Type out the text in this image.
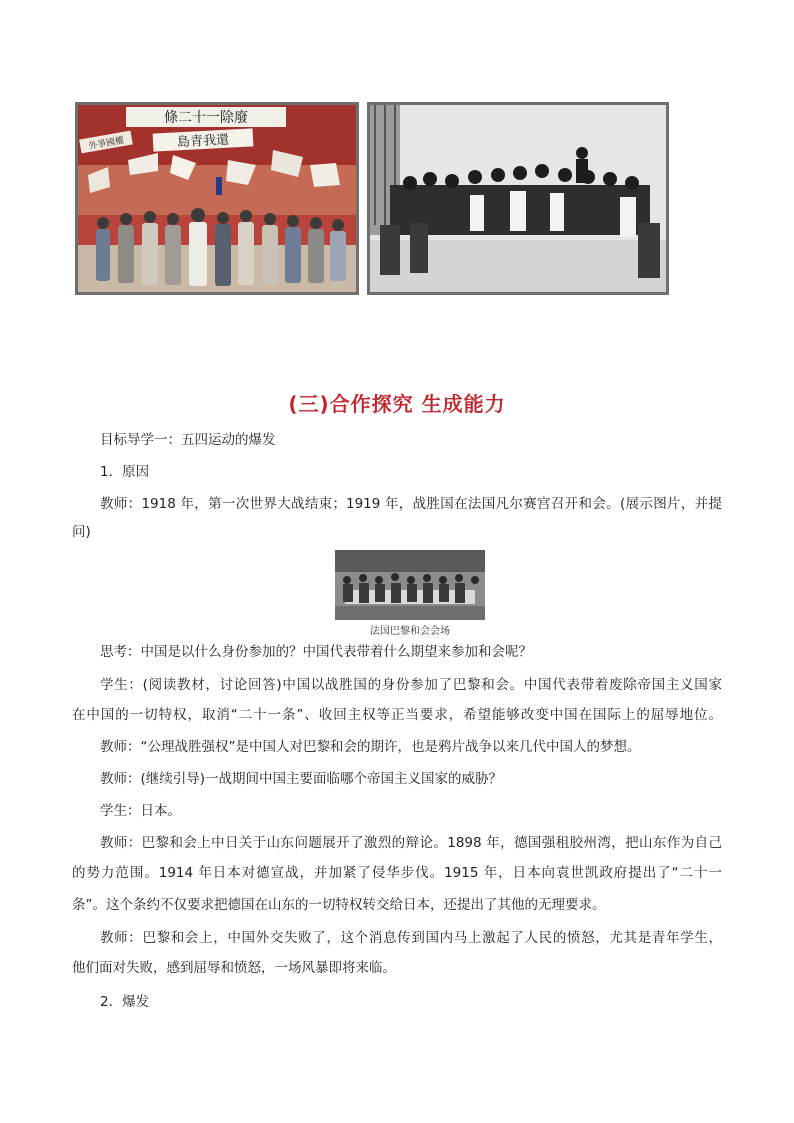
條二十一除廢
島青我還
外爭國權
(三)合作探究 生成能力
目标导学一：五四运动的爆发
1．原因
教师：1918 年，第一次世界大战结束；1919 年，战胜国在法国凡尔赛宫召开和会。(展示图片，并提
问)
法国巴黎和会会场
思考：中国是以什么身份参加的？中国代表带着什么期望来参加和会呢？
学生：(阅读教材，讨论回答)中国以战胜国的身份参加了巴黎和会。中国代表带着废除帝国主义国家
在中国的一切特权，取消“二十一条”、收回主权等正当要求，希望能够改变中国在国际上的屈辱地位。
教师：“公理战胜强权”是中国人对巴黎和会的期许，也是鸦片战争以来几代中国人的梦想。
教师：(继续引导)一战期间中国主要面临哪个帝国主义国家的威胁？
学生：日本。
教师：巴黎和会上中日关于山东问题展开了激烈的辩论。1898 年，德国强租胶州湾，把山东作为自己
的势力范围。1914 年日本对德宣战，并加紧了侵华步伐。1915 年，日本向袁世凯政府提出了“二十一
条”。这个条约不仅要求把德国在山东的一切特权转交给日本，还提出了其他的无理要求。
教师：巴黎和会上，中国外交失败了，这个消息传到国内马上激起了人民的愤怒，尤其是青年学生，
他们面对失败，感到屈辱和愤怒，一场风暴即将来临。
2．爆发
